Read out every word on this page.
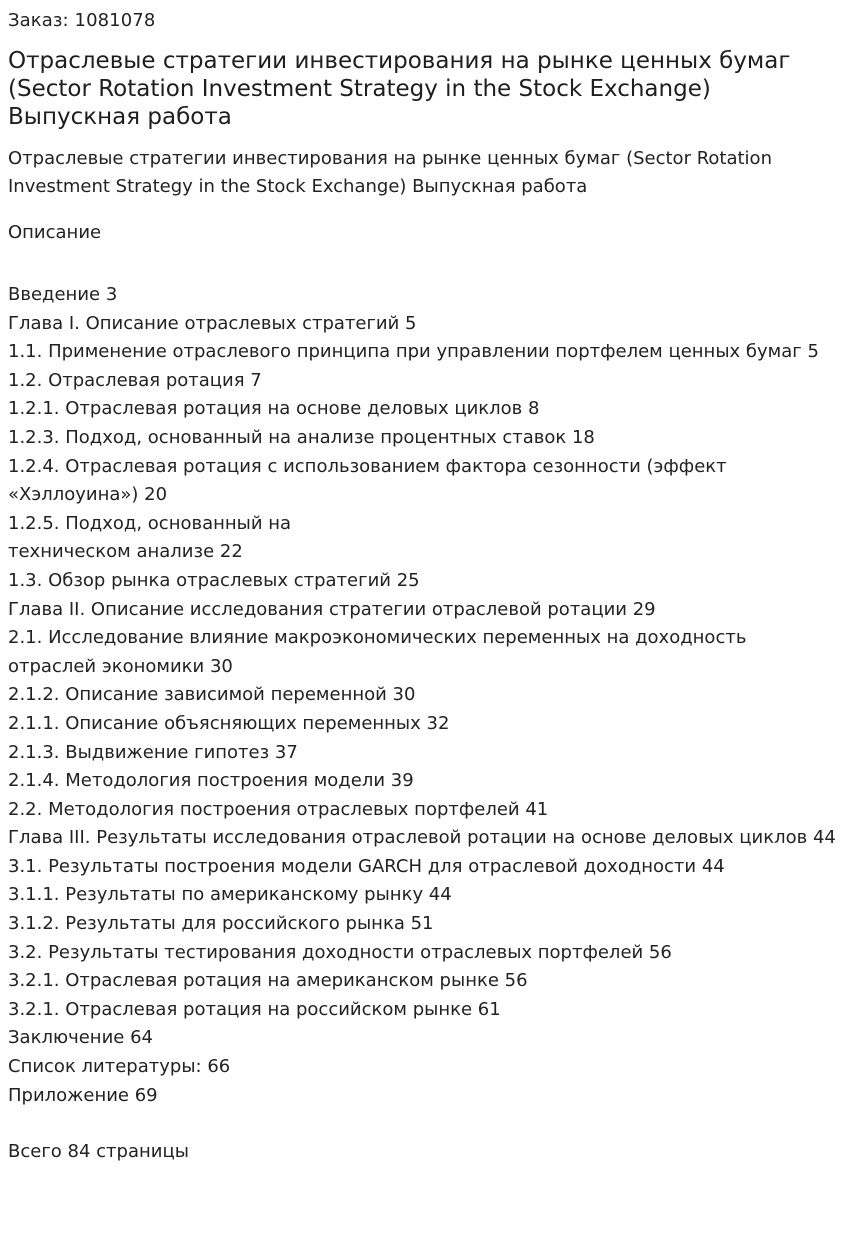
Заказ: 1081078
Отраслевые стратегии инвестирования на рынке ценных бумаг
(Sector Rotation Investment Strategy in the Stock Exchange)
Выпускная работа
Отраслевые стратегии инвестирования на рынке ценных бумаг (Sector Rotation Investment Strategy in the Stock Exchange) Выпускная работа
Описание
Введение 3
Глава I. Описание отраслевых стратегий 5
1.1. Применение отраслевого принципа при управлении портфелем ценных бумаг 5
1.2. Отраслевая ротация 7
1.2.1. Отраслевая ротация на основе деловых циклов 8
1.2.3. Подход, основанный на анализе процентных ставок 18
1.2.4. Отраслевая ротация с использованием фактора сезонности (эффект «Хэллоуина») 20
1.2.5. Подход, основанный на
техническом анализе 22
1.3. Обзор рынка отраслевых стратегий 25
Глава II. Описание исследования стратегии отраслевой ротации 29
2.1. Исследование влияние макроэкономических переменных на доходность отраслей экономики 30
2.1.2. Описание зависимой переменной 30
2.1.1. Описание объясняющих переменных 32
2.1.3. Выдвижение гипотез 37
2.1.4. Методология построения модели 39
2.2. Методология построения отраслевых портфелей 41
Глава III. Результаты исследования отраслевой ротации на основе деловых циклов 44
3.1. Результаты построения модели GARCH для отраслевой доходности 44
3.1.1. Результаты по американскому рынку 44
3.1.2. Результаты для российского рынка 51
3.2. Результаты тестирования доходности отраслевых портфелей 56
3.2.1. Отраслевая ротация на американском рынке 56
3.2.1. Отраслевая ротация на российском рынке 61
Заключение 64
Список литературы: 66
Приложение 69
Всего 84 страницы
